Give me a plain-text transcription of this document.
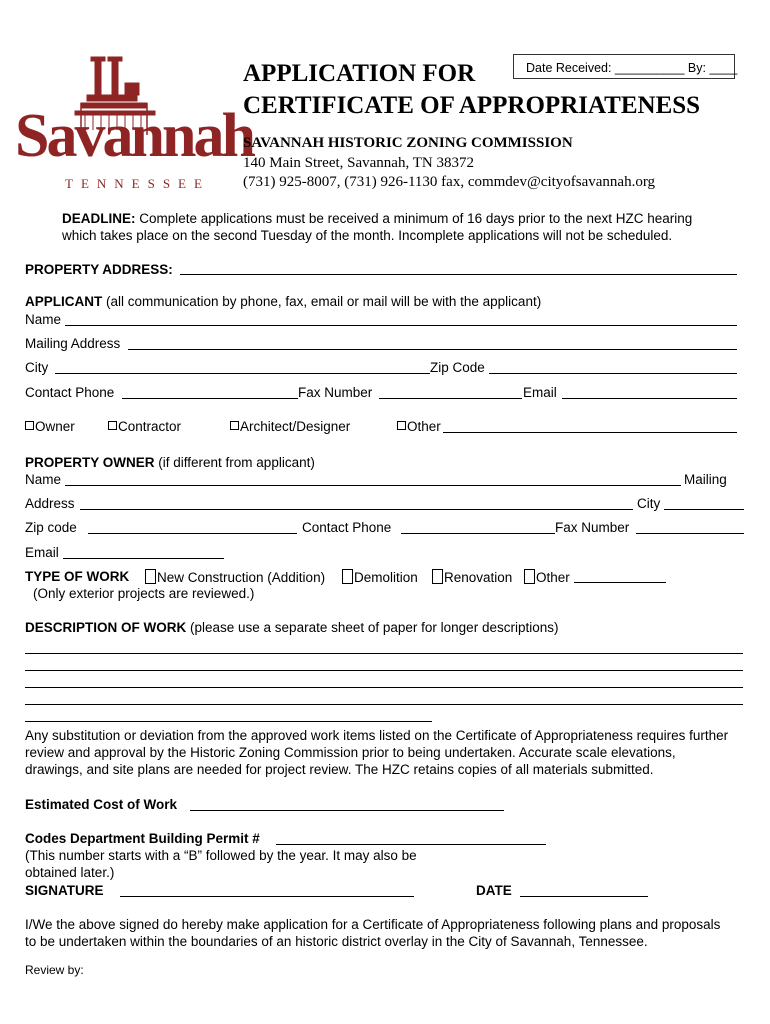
Savannah
TENNESSEE
APPLICATION FOR
CERTIFICATE OF APPROPRIATENESS
Date Received: __________ By: ____
SAVANNAH HISTORIC ZONING COMMISSION
140 Main Street, Savannah, TN 38372
(731) 925-8007, (731) 926-1130 fax, commdev@cityofsavannah.org
DEADLINE: Complete applications must be received a minimum of 16 days prior to the next HZC hearing
which takes place on the second Tuesday of the month. Incomplete applications will not be scheduled.
PROPERTY ADDRESS:
APPLICANT (all communication by phone, fax, email or mail will be with the applicant)
Name
Mailing Address
City	Zip Code
Contact Phone	Fax Number	Email
Owner	Contractor	Architect/Designer	Other
PROPERTY OWNER (if different from applicant)
Name	Mailing
Address	City
Zip code	Contact Phone	Fax Number
Email
TYPE OF WORK	New Construction (Addition)	Demolition	Renovation	Other
(Only exterior projects are reviewed.)
DESCRIPTION OF WORK (please use a separate sheet of paper for longer descriptions)
Any substitution or deviation from the approved work items listed on the Certificate of Appropriateness requires further
review and approval by the Historic Zoning Commission prior to being undertaken. Accurate scale elevations,
drawings, and site plans are needed for project review. The HZC retains copies of all materials submitted.
Estimated Cost of Work
Codes Department Building Permit #
(This number starts with a “B” followed by the year. It may also be
obtained later.)
SIGNATURE	DATE
I/We the above signed do hereby make application for a Certificate of Appropriateness following plans and proposals
to be undertaken within the boundaries of an historic district overlay in the City of Savannah, Tennessee.
Review by:
